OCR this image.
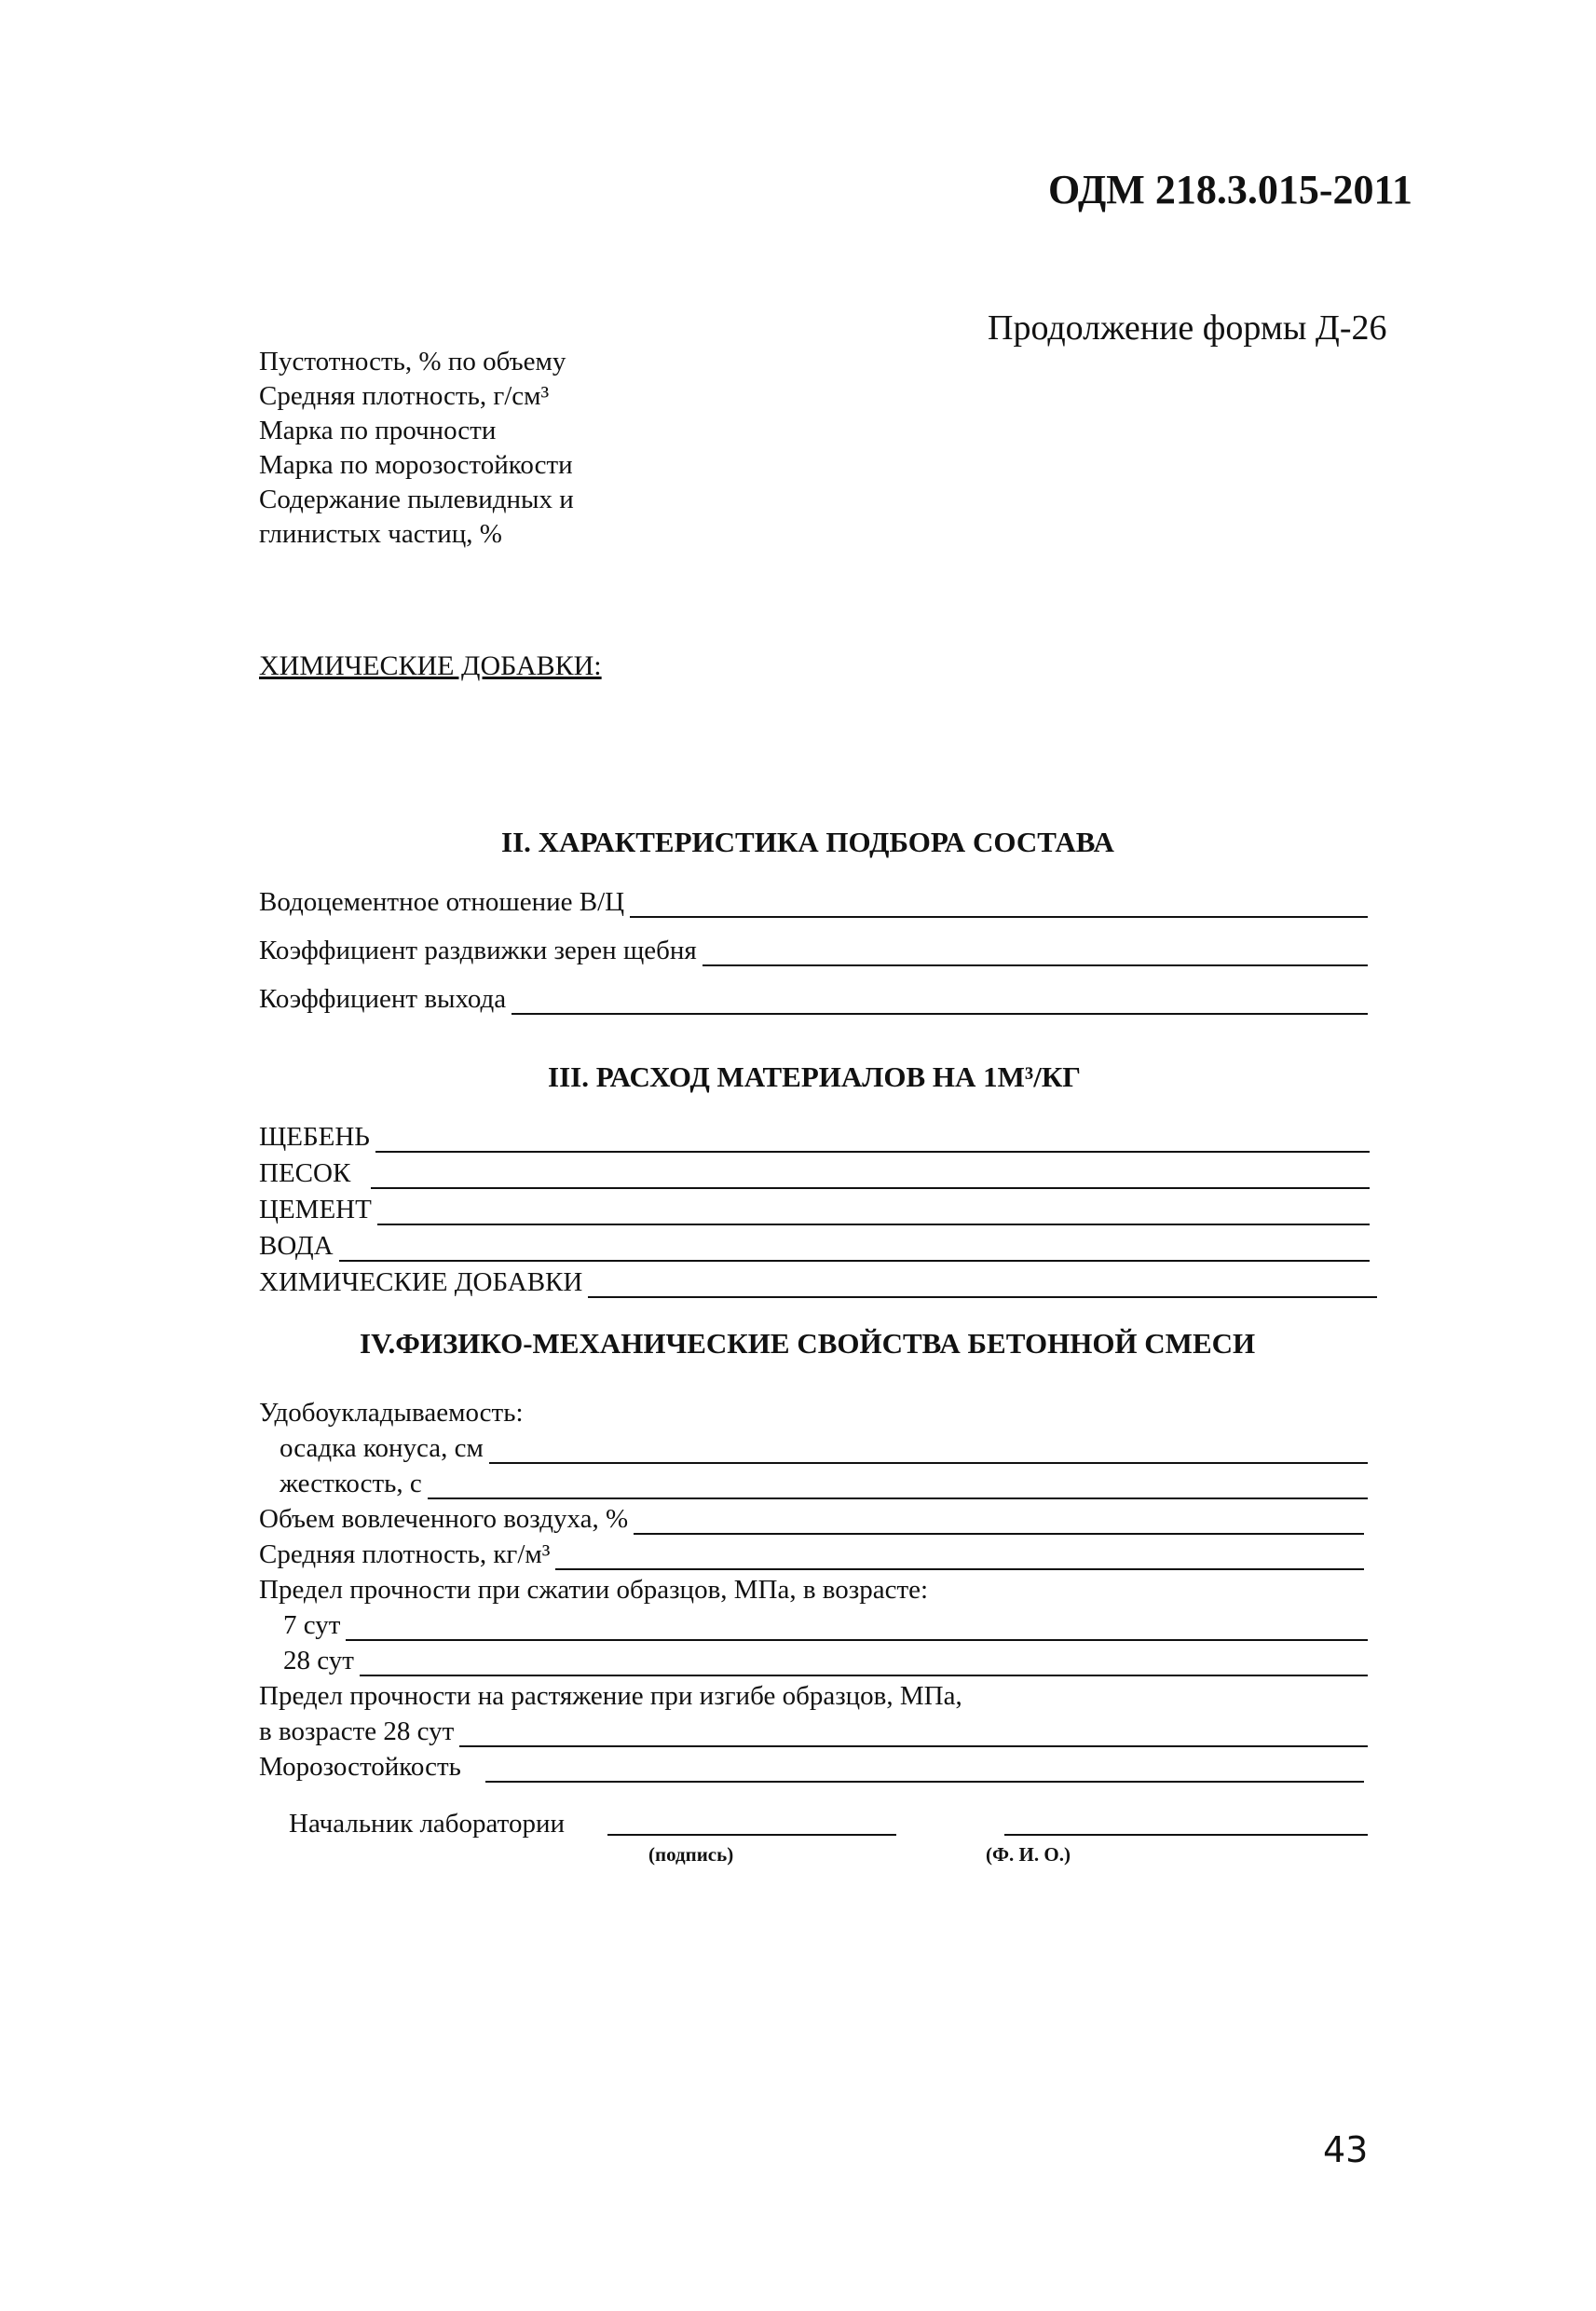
ОДМ 218.3.015-2011
Продолжение формы Д-26
Пустотность, % по объему
Средняя плотность, г/см³
Марка по прочности
Марка по морозостойкости
Содержание пылевидных и
глинистых частиц, %
ХИМИЧЕСКИЕ ДОБАВКИ:
II. ХАРАКТЕРИСТИКА ПОДБОРА СОСТАВА
Водоцементное отношение В/Ц
Коэффициент раздвижки зерен щебня
Коэффициент выхода
III. РАСХОД МАТЕРИАЛОВ НА 1М³/КГ
ЩЕБЕНЬ
ПЕСОК
ЦЕМЕНТ
ВОДА
ХИМИЧЕСКИЕ ДОБАВКИ
IV.ФИЗИКО-МЕХАНИЧЕСКИЕ СВОЙСТВА БЕТОННОЙ СМЕСИ
Удобоукладываемость:
осадка конуса, см
жесткость, с
Объем вовлеченного воздуха, %
Средняя плотность, кг/м³
Предел прочности при сжатии образцов, МПа, в возрасте:
7 сут
28 сут
Предел прочности на растяжение при изгибе образцов, МПа,
в возрасте 28 сут
Морозостойкость
Начальник лаборатории
(подпись)	(Ф. И. О.)
43
